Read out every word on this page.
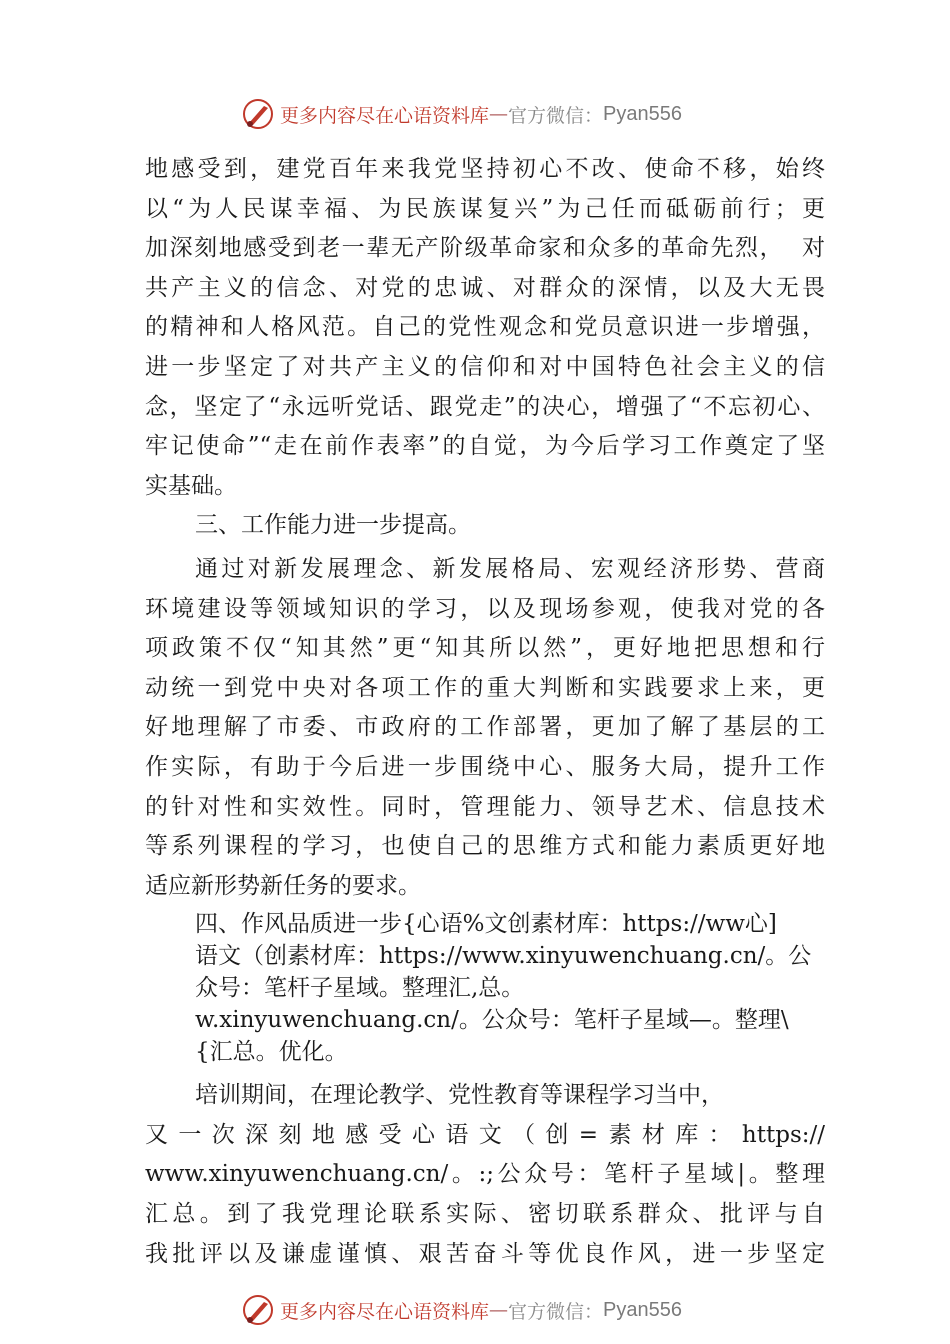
更多内容尽在心语资料库 — 官方微信： Pyan556
地感受到，建党百年来我党坚持初心不改、使命不移，始终
以“为人民谋幸福、为民族谋复兴”为己任而砥砺前行；更
加深刻地感受到老一辈无产阶级革命家和众多的革命先烈，  对
共产主义的信念、对党的忠诚、对群众的深情，以及大无畏
的精神和人格风范。自己的党性观念和党员意识进一步增强，
进一步坚定了对共产主义的信仰和对中国特色社会主义的信
念，坚定了“永远听党话、跟党走”的决心，增强了“不忘初心、
牢记使命”“走在前作表率”的自觉，为今后学习工作奠定了坚
实基础。
三、工作能力进一步提高。
通过对新发展理念、新发展格局、宏观经济形势、营商
环境建设等领域知识的学习，以及现场参观，使我对党的各
项政策不仅“知其然”更“知其所以然”，更好地把思想和行
动统一到党中央对各项工作的重大判断和实践要求上来，更
好地理解了市委、市政府的工作部署，更加了解了基层的工
作实际，有助于今后进一步围绕中心、服务大局，提升工作
的针对性和实效性。同时，管理能力、领导艺术、信息技术
等系列课程的学习，也使自己的思维方式和能力素质更好地
适应新形势新任务的要求。
四、作风品质进一步{心语%文创素材库：https://ww心]
语文（创素材库：https://www.xinyuwenchuang.cn/。公
众号：笔杆子星域。整理汇,总。
w.xinyuwenchuang.cn/。公众号：笔杆子星域—。整理\
{汇总。优化。
培训期间，在理论教学、党性教育等课程学习当中，
又一次深刻地感受心语文（创=素材库：https://
www.xinyuwenchuang.cn/。:;公众号：笔杆子星域|。整理
汇总。到了我党理论联系实际、密切联系群众、批评与自
我批评以及谦虚谨慎、艰苦奋斗等优良作风，进一步坚定
更多内容尽在心语资料库 — 官方微信： Pyan556
